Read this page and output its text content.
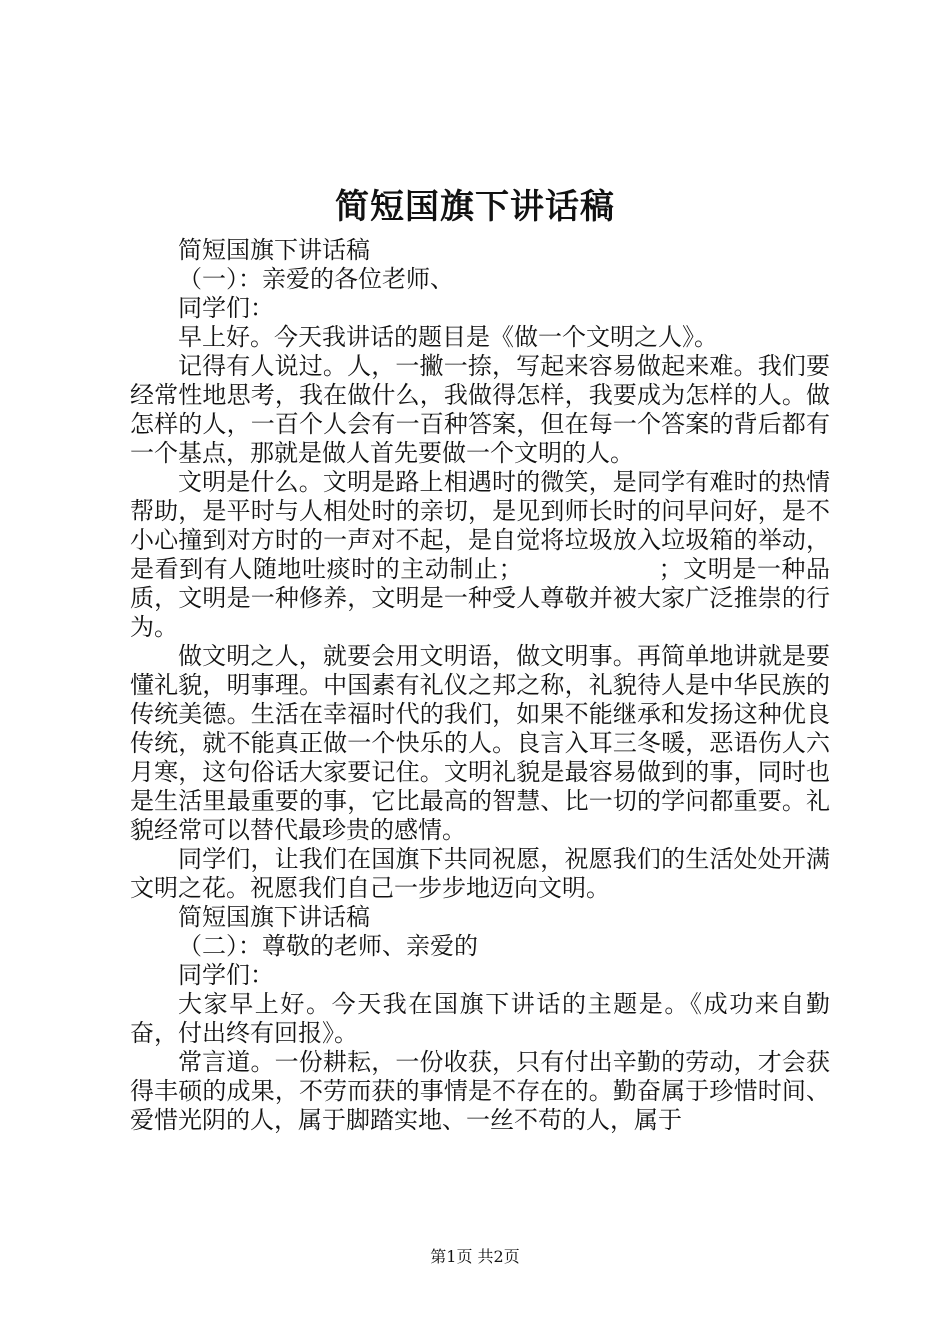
简短国旗下讲话稿

简短国旗下讲话稿

（一）：亲爱的各位老师、

同学们：

早上好。今天我讲话的题目是《做一个文明之人》。

记得有人说过。人，一撇一捺，写起来容易做起来难。我们要经常性地思考，我在做什么，我做得怎样，我要成为怎样的人。做怎样的人，一百个人会有一百种答案，但在每一个答案的背后都有一个基点，那就是做人首先要做一个文明的人。

文明是什么。文明是路上相遇时的微笑，是同学有难时的热情帮助，是平时与人相处时的亲切，是见到师长时的问早问好，是不小心撞到对方时的一声对不起，是自觉将垃圾放入垃圾箱的举动，是看到有人随地吐痰时的主动制止；　　　　　　；文明是一种品质，文明是一种修养，文明是一种受人尊敬并被大家广泛推崇的行为。

做文明之人，就要会用文明语，做文明事。再简单地讲就是要懂礼貌，明事理。中国素有礼仪之邦之称，礼貌待人是中华民族的传统美德。生活在幸福时代的我们，如果不能继承和发扬这种优良传统，就不能真正做一个快乐的人。良言入耳三冬暖，恶语伤人六月寒，这句俗话大家要记住。文明礼貌是最容易做到的事，同时也是生活里最重要的事，它比最高的智慧、比一切的学问都重要。礼貌经常可以替代最珍贵的感情。

同学们，让我们在国旗下共同祝愿，祝愿我们的生活处处开满文明之花。祝愿我们自己一步步地迈向文明。

简短国旗下讲话稿

（二）：尊敬的老师、亲爱的

同学们：

大家早上好。今天我在国旗下讲话的主题是。《成功来自勤奋，付出终有回报》。

常言道。一份耕耘，一份收获，只有付出辛勤的劳动，才会获得丰硕的成果，不劳而获的事情是不存在的。勤奋属于珍惜时间、爱惜光阴的人，属于脚踏实地、一丝不苟的人，属于

第1页 共2页
